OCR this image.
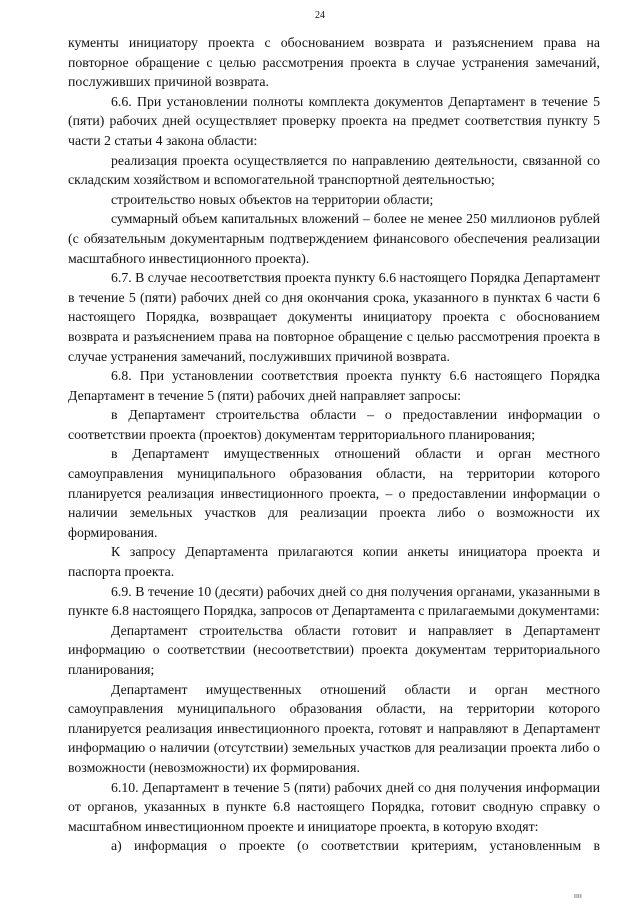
24

кументы инициатору проекта с обоснованием возврата и разъяснением права на повторное обращение с целью рассмотрения проекта в случае устранения замечаний, послуживших причиной возврата.

6.6. При установлении полноты комплекта документов Департамент в течение 5 (пяти) рабочих дней осуществляет проверку проекта на предмет соответствия пункту 5 части 2 статьи 4 закона области:

реализация проекта осуществляется по направлению деятельности, связанной со складским хозяйством и вспомогательной транспортной деятельностью;

строительство новых объектов на территории области;

суммарный объем капитальных вложений – более не менее 250 миллионов рублей (с обязательным документарным подтверждением финансового обеспечения реализации масштабного инвестиционного проекта).

6.7. В случае несоответствия проекта пункту 6.6 настоящего Порядка Департамент в течение 5 (пяти) рабочих дней со дня окончания срока, указанного в пунктах 6 части 6 настоящего Порядка, возвращает документы инициатору проекта с обоснованием возврата и разъяснением права на повторное обращение с целью рассмотрения проекта в случае устранения замечаний, послуживших причиной возврата.

6.8. При установлении соответствия проекта пункту 6.6 настоящего Порядка Департамент в течение 5 (пяти) рабочих дней направляет запросы:

в Департамент строительства области – о предоставлении информации о соответствии проекта (проектов) документам территориального планирования;

в Департамент имущественных отношений области и орган местного самоуправления муниципального образования области, на территории которого планируется реализация инвестиционного проекта, – о предоставлении информации о наличии земельных участков для реализации проекта либо о возможности их формирования.

К запросу Департамента прилагаются копии анкеты инициатора проекта и паспорта проекта.

6.9. В течение 10 (десяти) рабочих дней со дня получения органами, указанными в пункте 6.8 настоящего Порядка, запросов от Департамента с прилагаемыми документами:

Департамент строительства области готовит и направляет в Департамент информацию о соответствии (несоответствии) проекта документам территориального планирования;

Департамент имущественных отношений области и орган местного самоуправления муниципального образования области, на территории которого планируется реализация инвестиционного проекта, готовят и направляют в Департамент информацию о наличии (отсутствии) земельных участков для реализации проекта либо о возможности (невозможности) их формирования.

6.10. Департамент в течение 5 (пяти) рабочих дней со дня получения информации от органов, указанных в пункте 6.8 настоящего Порядка, готовит сводную справку о масштабном инвестиционном проекте и инициаторе проекта, в которую входят:

а) информация о проекте (о соответствии критериям, установленным в

ıııı
